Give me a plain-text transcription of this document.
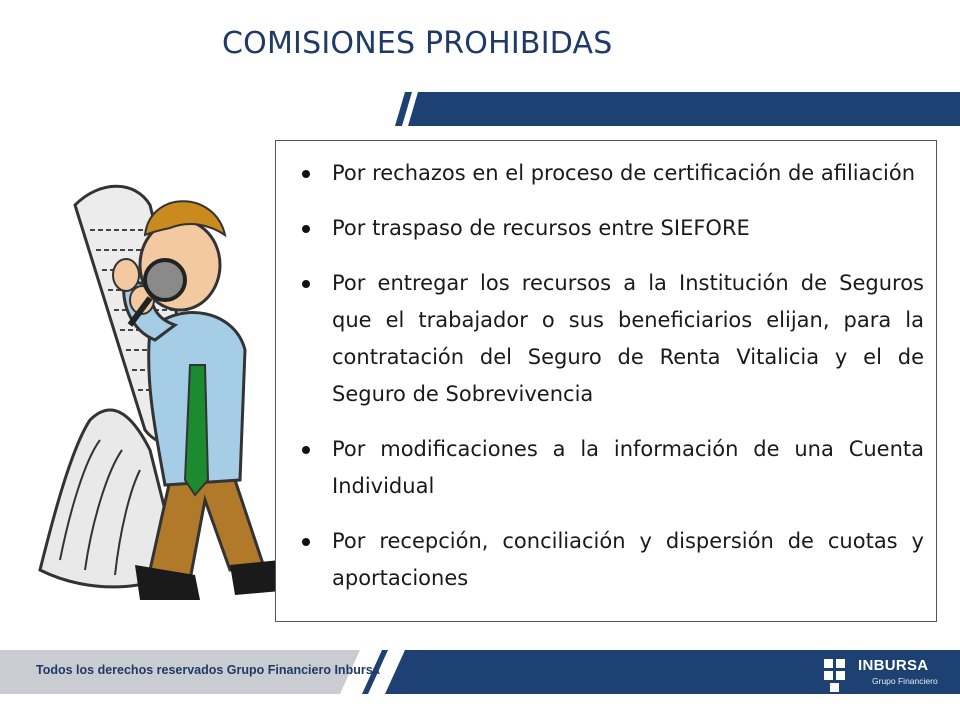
COMISIONES PROHIBIDAS
Por rechazos en el proceso de certificación de afiliación
Por traspaso de recursos entre SIEFORE
Por entregar los recursos a la Institución de Seguros que el trabajador o sus beneficiarios elijan, para la contratación del Seguro de Renta Vitalicia y el de Seguro de Sobrevivencia
Por modificaciones a la información de una Cuenta Individual
Por recepción, conciliación y dispersión de cuotas y aportaciones
Todos los derechos reservados Grupo Financiero Inbursa	INBURSA
Grupo Financiero
